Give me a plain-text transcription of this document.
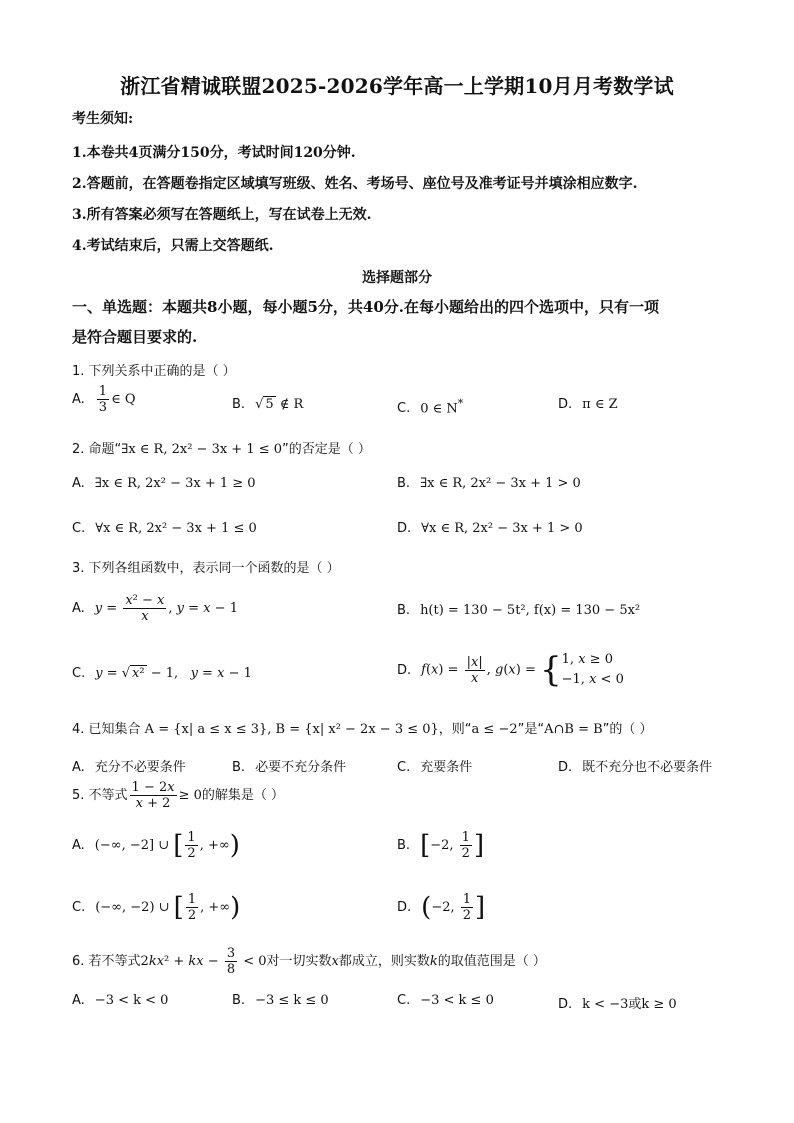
浙江省精诚联盟2025-2026学年高一上学期10月月考数学试
考生须知:
1.本卷共4页满分150分，考试时间120分钟.
2.答题前，在答题卷指定区域填写班级、姓名、考场号、座位号及准考证号并填涂相应数字.
3.所有答案必须写在答题纸上，写在试卷上无效.
4.考试结束后，只需上交答题纸.
选择题部分
一、单选题：本题共8小题，每小题5分，共40分.在每小题给出的四个选项中，只有一项
是符合题目要求的.
1. 下列关系中正确的是（ ）
A. $\frac{1}{3}$ ∈ Q	B. √ 5 ∉ R	C. 0 ∈ N*	D. π ∈ Z
2. 命题“∃x ∈ R, 2x² − 3x + 1 ≤ 0”的否定是（ ）
A. ∃x ∈ R, 2x² − 3x + 1 ≥ 0	B. ∃x ∈ R, 2x² − 3x + 1 > 0
C. ∀x ∈ R, 2x² − 3x + 1 ≤ 0	D. ∀x ∈ R, 2x² − 3x + 1 > 0
3. 下列各组函数中，表示同一个函数的是（ ）
A. $y = \frac{\text{x² − x}}{x}$ , y = x − 1	B. h(t) = 130 − 5t², f(x) = 130 − 5x²
C. y = √ x² − 1,   y = x − 1	D. $f(x) = \frac{|x|}{x}$ , g(x) = {1, x ≥ 0
−1, x < 0
4. 已知集合 A = {x| a ≤ x ≤ 3}, B = {x| x² − 2x − 3 ≤ 0}，则“a ≤ −2”是“A∩B = B”的（ ）
A. 充分不必要条件	B. 必要不充分条件	C. 充要条件	D. 既不充分也不必要条件
5. 不等式 $\frac{1 - 2x}{x + 2} \ge 0$的解集是（ ）
A. (−∞, −2] ∪ [ $\frac{1}{2}$ , +∞)	B. [−2, $\frac{1}{2}$ ]
C. (−∞, −2) ∪ [ $\frac{1}{2}$ , +∞)	D. (−2, $\frac{1}{2}$ ]
6. 若不等式2kx² + kx − $\frac{3}{8} < 0$对一切实数x都成立，则实数k的取值范围是（ ）
A. −3 < k < 0	B. −3 ≤ k ≤ 0	C. −3 < k ≤ 0	D. k < −3或k ≥ 0
